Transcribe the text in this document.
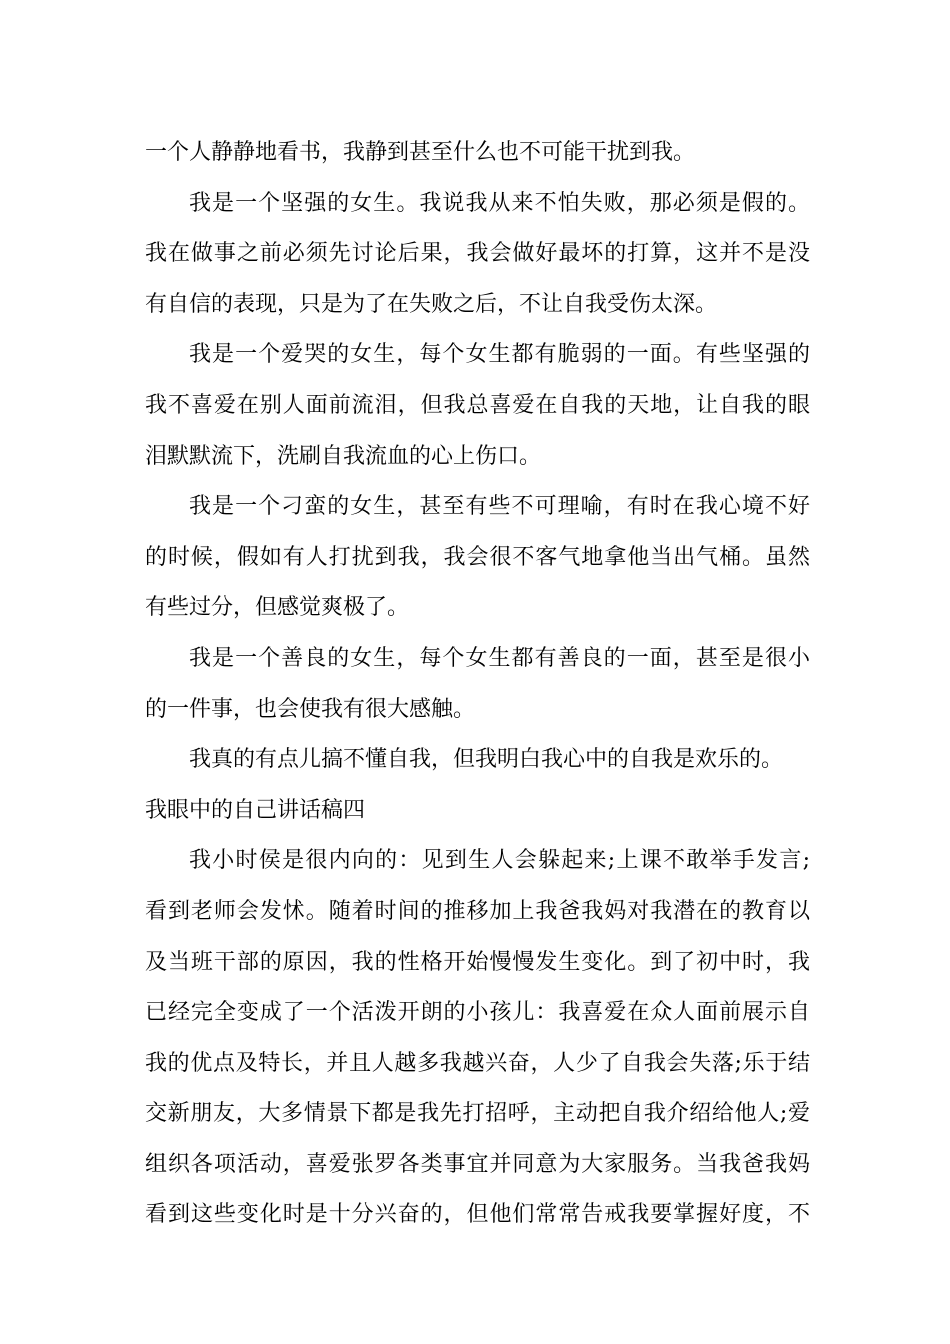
一个人静静地看书，我静到甚至什么也不可能干扰到我。
我是一个坚强的女生。我说我从来不怕失败，那必须是假的。
我在做事之前必须先讨论后果，我会做好最坏的打算，这并不是没
有自信的表现，只是为了在失败之后，不让自我受伤太深。
我是一个爱哭的女生，每个女生都有脆弱的一面。有些坚强的
我不喜爱在别人面前流泪，但我总喜爱在自我的天地，让自我的眼
泪默默流下，洗刷自我流血的心上伤口。
我是一个刁蛮的女生，甚至有些不可理喻，有时在我心境不好
的时候，假如有人打扰到我，我会很不客气地拿他当出气桶。虽然
有些过分，但感觉爽极了。
我是一个善良的女生，每个女生都有善良的一面，甚至是很小
的一件事，也会使我有很大感触。
我真的有点儿搞不懂自我，但我明白我心中的自我是欢乐的。
我眼中的自己讲话稿四
我小时侯是很内向的：见到生人会躲起来;上课不敢举手发言;
看到老师会发怵。随着时间的推移加上我爸我妈对我潜在的教育以
及当班干部的原因，我的性格开始慢慢发生变化。到了初中时，我
已经完全变成了一个活泼开朗的小孩儿：我喜爱在众人面前展示自
我的优点及特长，并且人越多我越兴奋，人少了自我会失落;乐于结
交新朋友，大多情景下都是我先打招呼，主动把自我介绍给他人;爱
组织各项活动，喜爱张罗各类事宜并同意为大家服务。当我爸我妈
看到这些变化时是十分兴奋的，但他们常常告戒我要掌握好度，不
